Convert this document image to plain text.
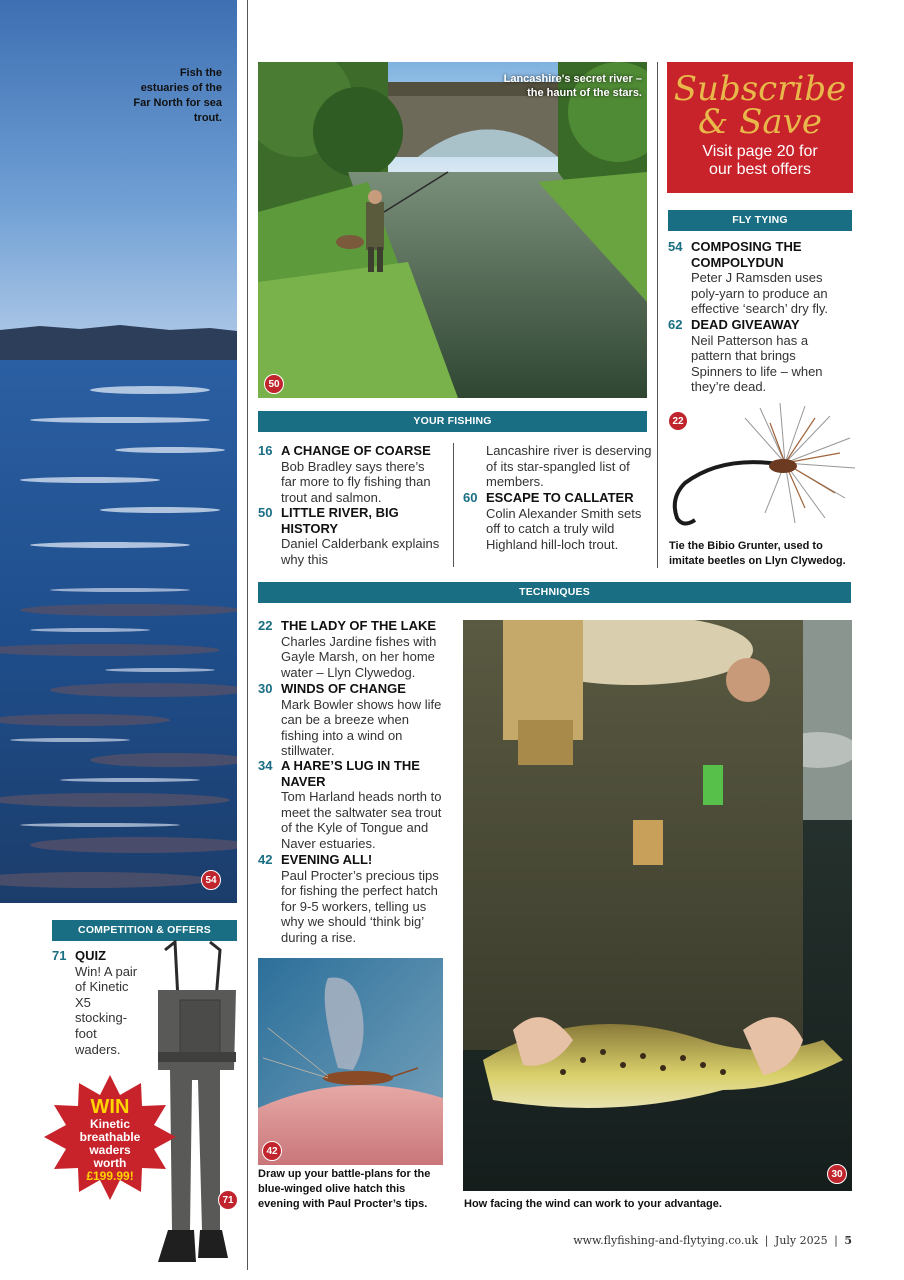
Fish the estuaries of the Far North for sea trout.
54
Lancashire's secret river – the haunt of the stars.
50
Subscribe
& Save
Visit page 20 for
our best offers
FLY TYING
54 COMPOSING THE COMPOLYDUN
Peter J Ramsden uses poly-yarn to produce an effective ‘search’ dry fly.
62 DEAD GIVEAWAY
Neil Patterson has a pattern that brings Spinners to life – when they’re dead.
22
Tie the Bibio Grunter, used to imitate beetles on Llyn Clywedog.
YOUR FISHING
16 A CHANGE OF COARSE
Bob Bradley says there’s far more to fly fishing than trout and salmon.
50 LITTLE RIVER, BIG HISTORY
Daniel Calderbank explains why this
Lancashire river is deserving of its star-spangled list of members.
60 ESCAPE TO CALLATER
Colin Alexander Smith sets off to catch a truly wild Highland hill-loch trout.
TECHNIQUES
22 THE LADY OF THE LAKE
Charles Jardine fishes with Gayle Marsh, on her home water – Llyn Clywedog.
30 WINDS OF CHANGE
Mark Bowler shows how life can be a breeze when fishing into a wind on stillwater.
34 A HARE’S LUG IN THE NAVER
Tom Harland heads north to meet the saltwater sea trout of the Kyle of Tongue and Naver estuaries.
42 EVENING ALL!
Paul Procter’s precious tips for fishing the perfect hatch for 9-5 workers, telling us why we should ‘think big’ during a rise.
42
Draw up your battle-plans for the blue-winged olive hatch this evening with Paul Procter’s tips.
30
How facing the wind can work to your advantage.
COMPETITION & OFFERS
71 QUIZ
Win! A pair of Kinetic X5 stocking-foot waders.
WIN
Kinetic
breathable
waders
worth
£199.99!
71
www.flyfishing-and-flytying.co.uk | July 2025 | 5
